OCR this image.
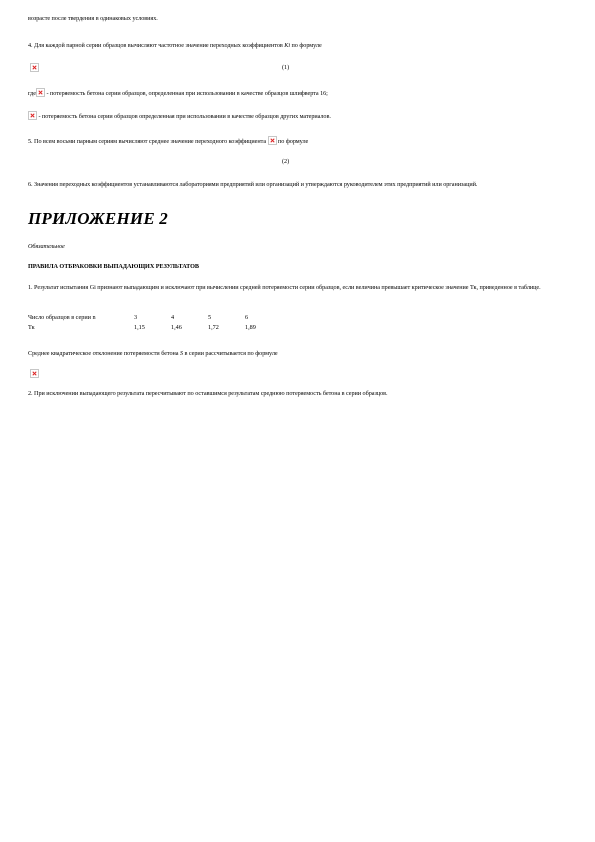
возрасте после твердения в одинаковых условиях.
4. Для каждой парной серии образцов вычисляют частотное значение переходных коэффициентов Ki по формуле
(1)
где - потеряемость бетона серии образцов, определенная при использовании в качестве образцов шлифверта 16;
- потеряемость бетона серии образцов определенная при использовании в качестве образцов других материалов.
5. По всем восьми парным сериям вычисляют среднее значение переходного коэффициента по формуле
(2)
6. Значения переходных коэффициентов устанавливаются лабораториями предприятий или организаций и утверждаются руководителем этих предприятий или организаций.
ПРИЛОЖЕНИЕ 2
Обязательное
ПРАВИЛА ОТБРАКОВКИ ВЫПАДАЮЩИХ РЕЗУЛЬТАТОВ
1. Результат испытания Gi признают выпадающим и исключают при вычислении средней потеряемости серии образцов, если величина превышает критическое значение Тк, приведенное в таблице.
Число образцов в серии n	3	4	5	6
Тк	1,15	1,46	1,72	1,89
Среднее квадратическое отклонение потеряемости бетона S в серии рассчитывается по формуле
2. При исключении выпадающего результата пересчитывают по оставшимся результатам среднюю потеряемость бетона в серии образцов.
